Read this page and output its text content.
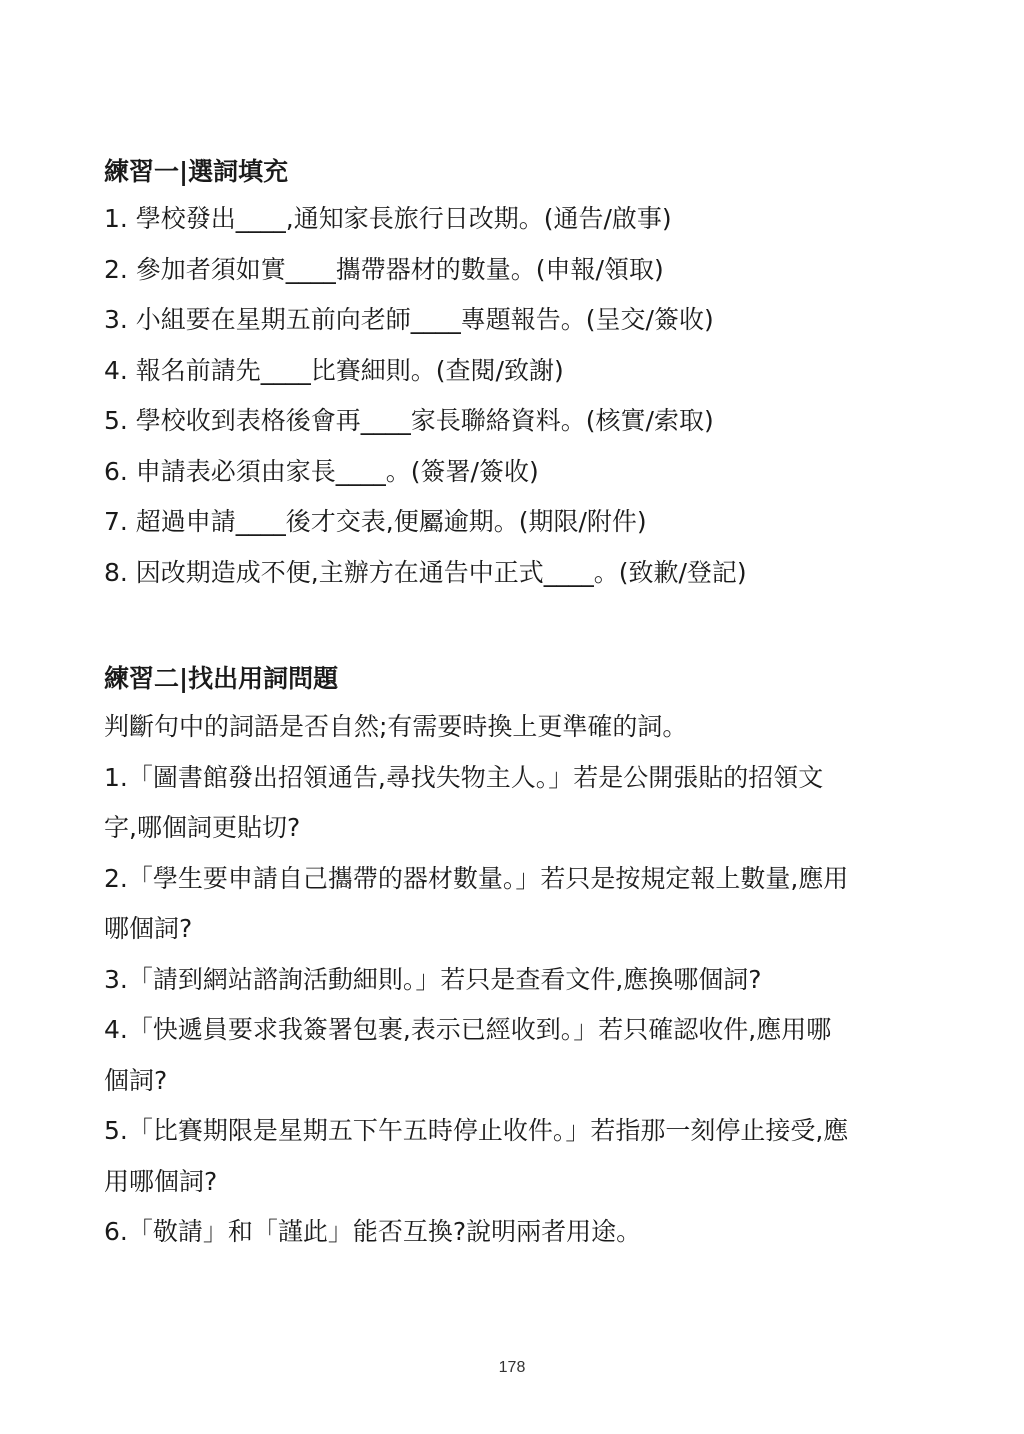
練習一|選詞填充
1. 學校發出____,通知家長旅行日改期。(通告/啟事)
2. 參加者須如實____攜帶器材的數量。(申報/領取)
3. 小組要在星期五前向老師____專題報告。(呈交/簽收)
4. 報名前請先____比賽細則。(查閱/致謝)
5. 學校收到表格後會再____家長聯絡資料。(核實/索取)
6. 申請表必須由家長____。(簽署/簽收)
7. 超過申請____後才交表,便屬逾期。(期限/附件)
8. 因改期造成不便,主辦方在通告中正式____。(致歉/登記)
練習二|找出用詞問題
判斷句中的詞語是否自然;有需要時換上更準確的詞。
1.「圖書館發出招領通告,尋找失物主人。」若是公開張貼的招領文
字,哪個詞更貼切?
2.「學生要申請自己攜帶的器材數量。」若只是按規定報上數量,應用
哪個詞?
3.「請到網站諮詢活動細則。」若只是查看文件,應換哪個詞?
4.「快遞員要求我簽署包裹,表示已經收到。」若只確認收件,應用哪
個詞?
5.「比賽期限是星期五下午五時停止收件。」若指那一刻停止接受,應
用哪個詞?
6.「敬請」和「謹此」能否互換?說明兩者用途。
178
